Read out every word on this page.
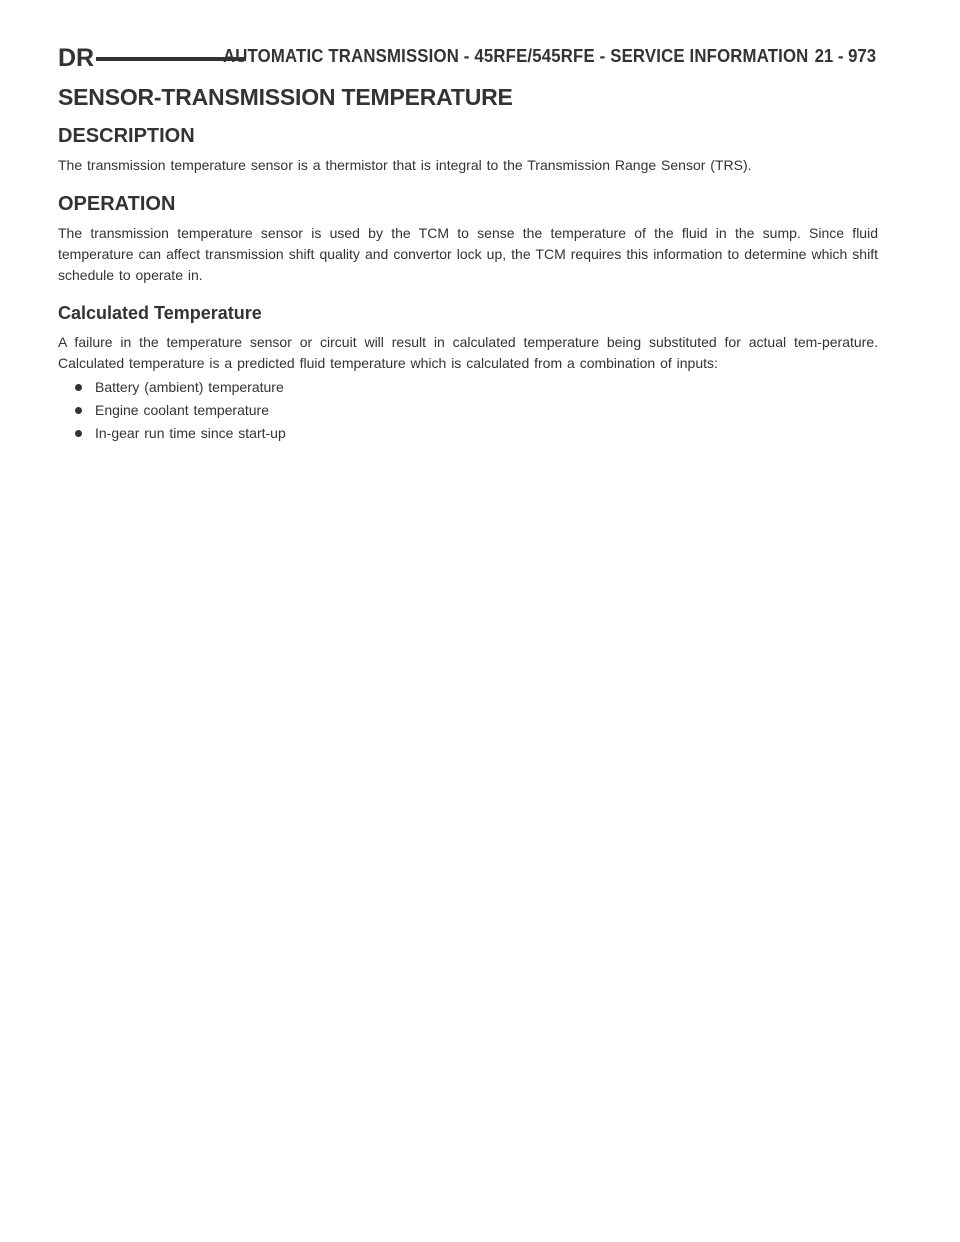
DR	AUTOMATIC TRANSMISSION - 45RFE/545RFE - SERVICE INFORMATION 21 - 973
SENSOR-TRANSMISSION TEMPERATURE
DESCRIPTION

The transmission temperature sensor is a thermistor that is integral to the Transmission Range Sensor (TRS).

OPERATION

The transmission temperature sensor is used by the TCM to sense the temperature of the fluid in the sump. Since fluid temperature can affect transmission shift quality and convertor lock up, the TCM requires this information to determine which shift schedule to operate in.

Calculated Temperature

A failure in the temperature sensor or circuit will result in calculated temperature being substituted for actual tem-perature. Calculated temperature is a predicted fluid temperature which is calculated from a combination of inputs:

Battery (ambient) temperature
Engine coolant temperature
In-gear run time since start-up
